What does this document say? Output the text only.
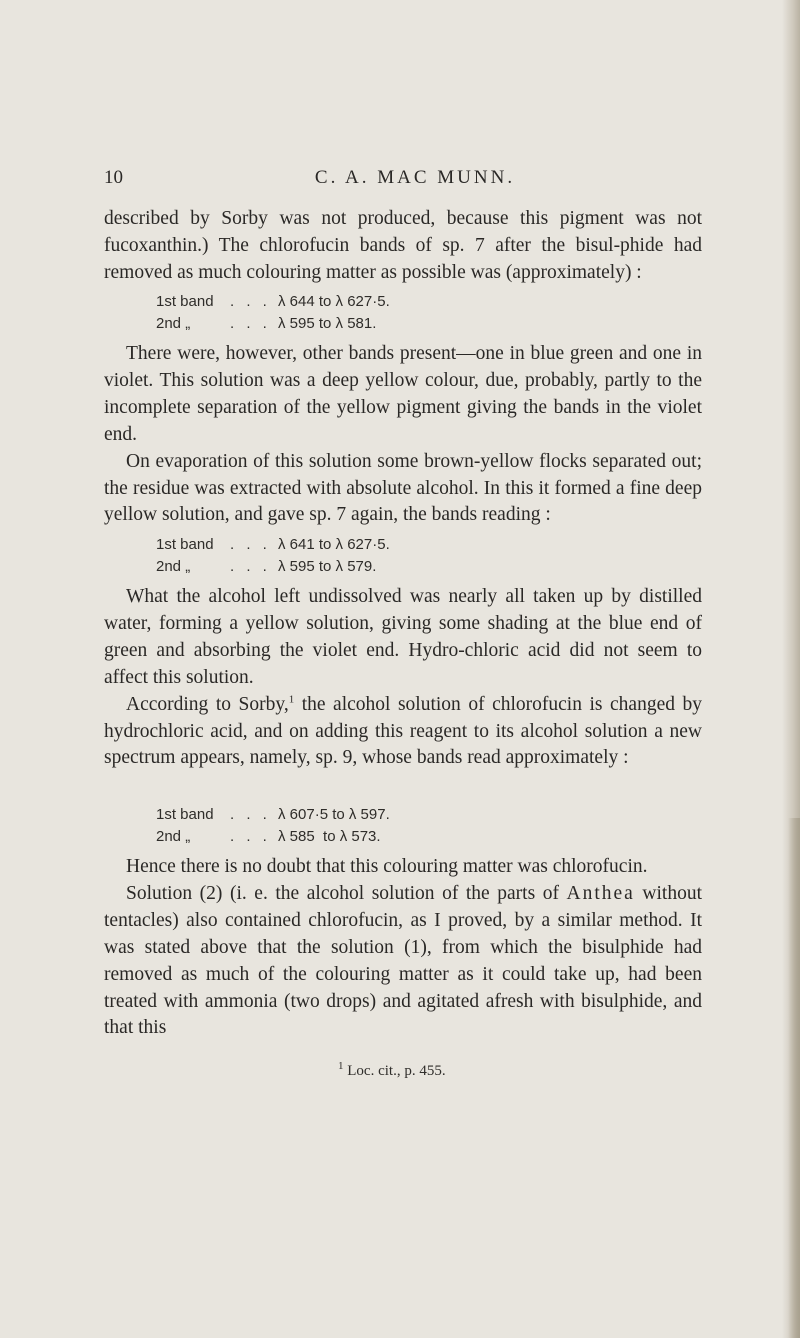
10	C. A. MAC MUNN.

described by Sorby was not produced, because this pigment was not fucoxanthin.) The chlorofucin bands of sp. 7 after the bisul-phide had removed as much colouring matter as possible was (approximately) :

1st band	. . . λ 644 to λ 627·5.
2nd „	. . . λ 595 to λ 581.

There were, however, other bands present—one in blue green and one in violet. This solution was a deep yellow colour, due, probably, partly to the incomplete separation of the yellow pigment giving the bands in the violet end.

On evaporation of this solution some brown-yellow flocks separated out; the residue was extracted with absolute alcohol. In this it formed a fine deep yellow solution, and gave sp. 7 again, the bands reading :

1st band	. . . λ 641 to λ 627·5.
2nd „	. . . λ 595 to λ 579.

What the alcohol left undissolved was nearly all taken up by distilled water, forming a yellow solution, giving some shading at the blue end of green and absorbing the violet end. Hydro-chloric acid did not seem to affect this solution.

According to Sorby,$^1$ the alcohol solution of chlorofucin is changed by hydrochloric acid, and on adding this reagent to its alcohol solution a new spectrum appears, namely, sp. 9, whose bands read approximately :

1st band	. . . λ 607·5 to λ 597.
2nd „	. . . λ 585  to λ 573.

Hence there is no doubt that this colouring matter was chlorofucin.

Solution (2) (i. e. the alcohol solution of the parts of Anthea without tentacles) also contained chlorofucin, as I proved, by a similar method. It was stated above that the solution (1), from which the bisulphide had removed as much of the colouring matter as it could take up, had been treated with ammonia (two drops) and agitated afresh with bisulphide, and that this

$^1$ Loc. cit., p. 455.
